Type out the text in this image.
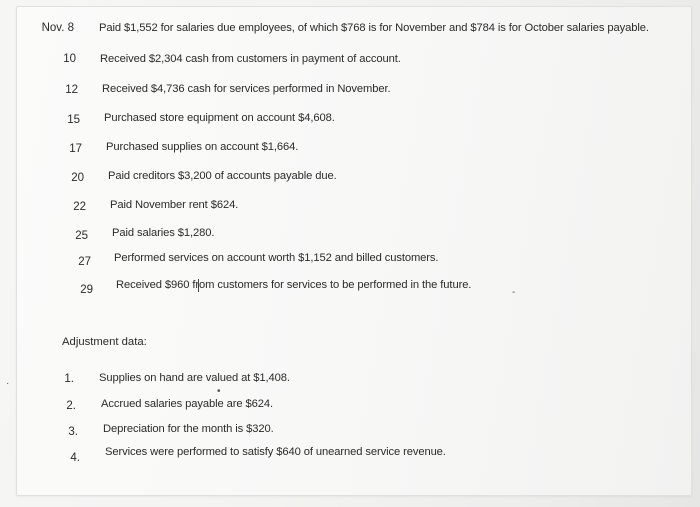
Nov. 8 Paid $1,552 for salaries due employees, of which $768 is for November and $784 is for October salaries payable.
10 Received $2,304 cash from customers in payment of account.
12 Received $4,736 cash for services performed in November.
15 Purchased store equipment on account $4,608.
17 Purchased supplies on account $1,664.
20 Paid creditors $3,200 of accounts payable due.
22 Paid November rent $624.
25 Paid salaries $1,280.
27 Performed services on account worth $1,152 and billed customers.
29 Received $960 from customers for services to be performed in the future.
Adjustment data:
1. Supplies on hand are valued at $1,408.
2. Accrued salaries payable are $624.
3. Depreciation for the month is $320.
4. Services were performed to satisfy $640 of unearned service revenue.
•
-
·
